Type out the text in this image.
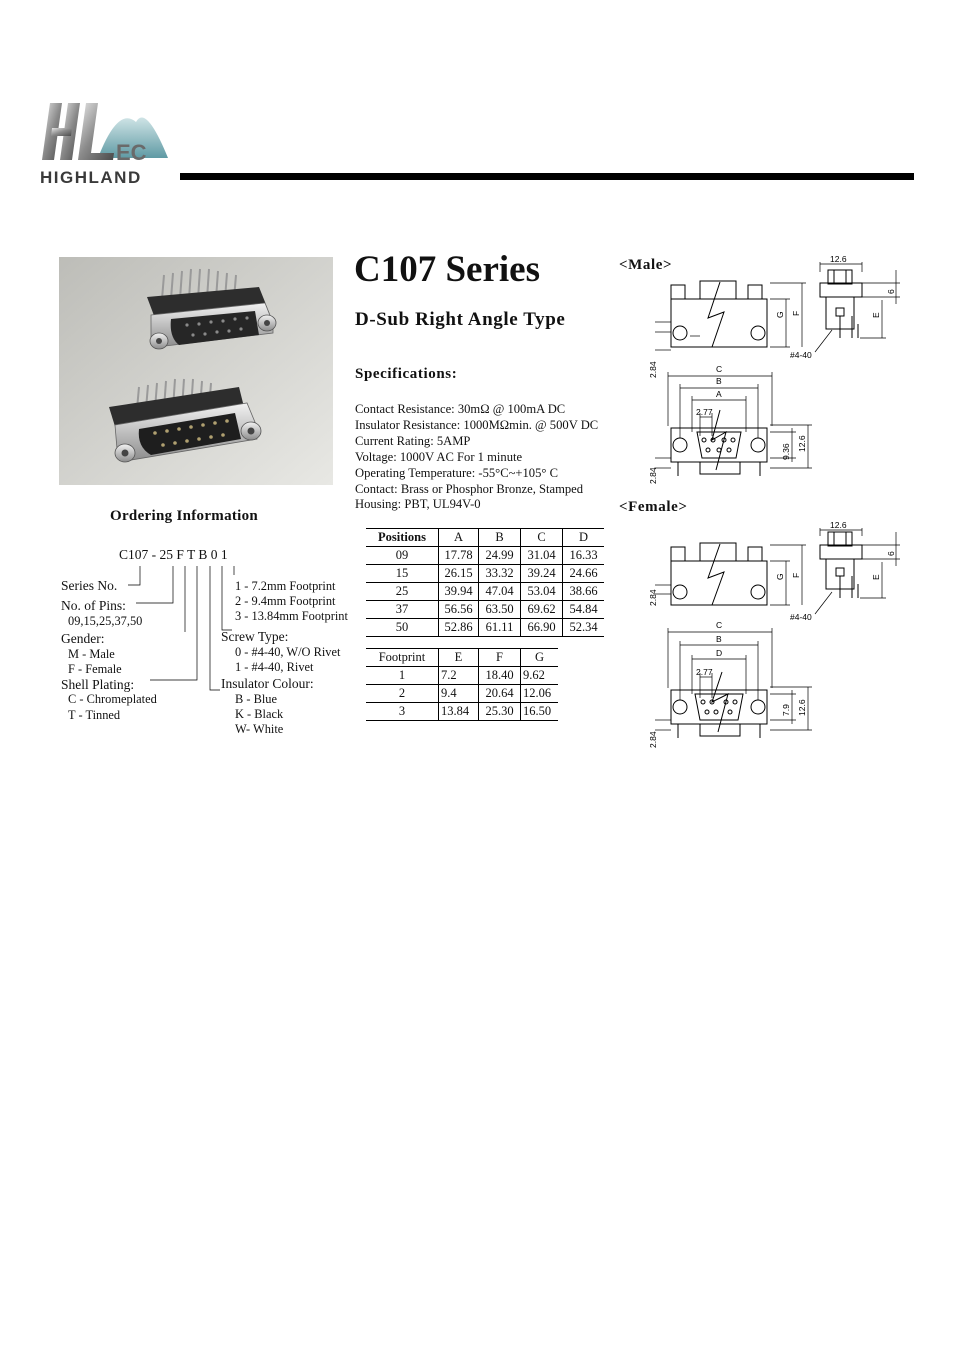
EC
HIGHLAND
C107 Series
D-Sub Right Angle Type
Specifications:
Contact Resistance: 30mΩ @ 100mA DC
Insulator Resistance: 1000MΩmin. @ 500V DC
Current Rating: 5AMP
Voltage: 1000V AC For 1 minute
Operating Temperature: -55°C~+105° C
Contact: Brass or Phosphor Bronze, Stamped
Housing: PBT, UL94V-0
Ordering Information
C107 - 25 F T B 0 1
Series No.
No. of Pins:
09,15,25,37,50
Gender:
M - Male
F - Female
Shell Plating:
C - Chromeplated
T - Tinned
1 - 7.2mm Footprint
2 - 9.4mm Footprint
3 - 13.84mm Footprint
Screw Type:
0 - #4-40, W/O Rivet
1 - #4-40, Rivet
Insulator Colour:
B - Blue
K - Black
W- White
Positions	A	B	C	D
09	17.78	24.99	31.04	16.33
15	26.15	33.32	39.24	24.66
25	39.94	47.04	53.04	38.66
37	56.56	63.50	69.62	54.84
50	52.86	61.11	66.90	52.34
Footprint	E	F	G
1	7.2	18.40	9.62
2	9.4	20.64	12.06
3	13.84	25.30	16.50
<Male>
<Female>
G F
12.6
6
E
#4-40
2.84	C
B
A
2.77
9.36 12.6
2.84
G F
2.84
12.6
6
E
#4-40
C
B
D
2.77
7.9 12.6
2.84
